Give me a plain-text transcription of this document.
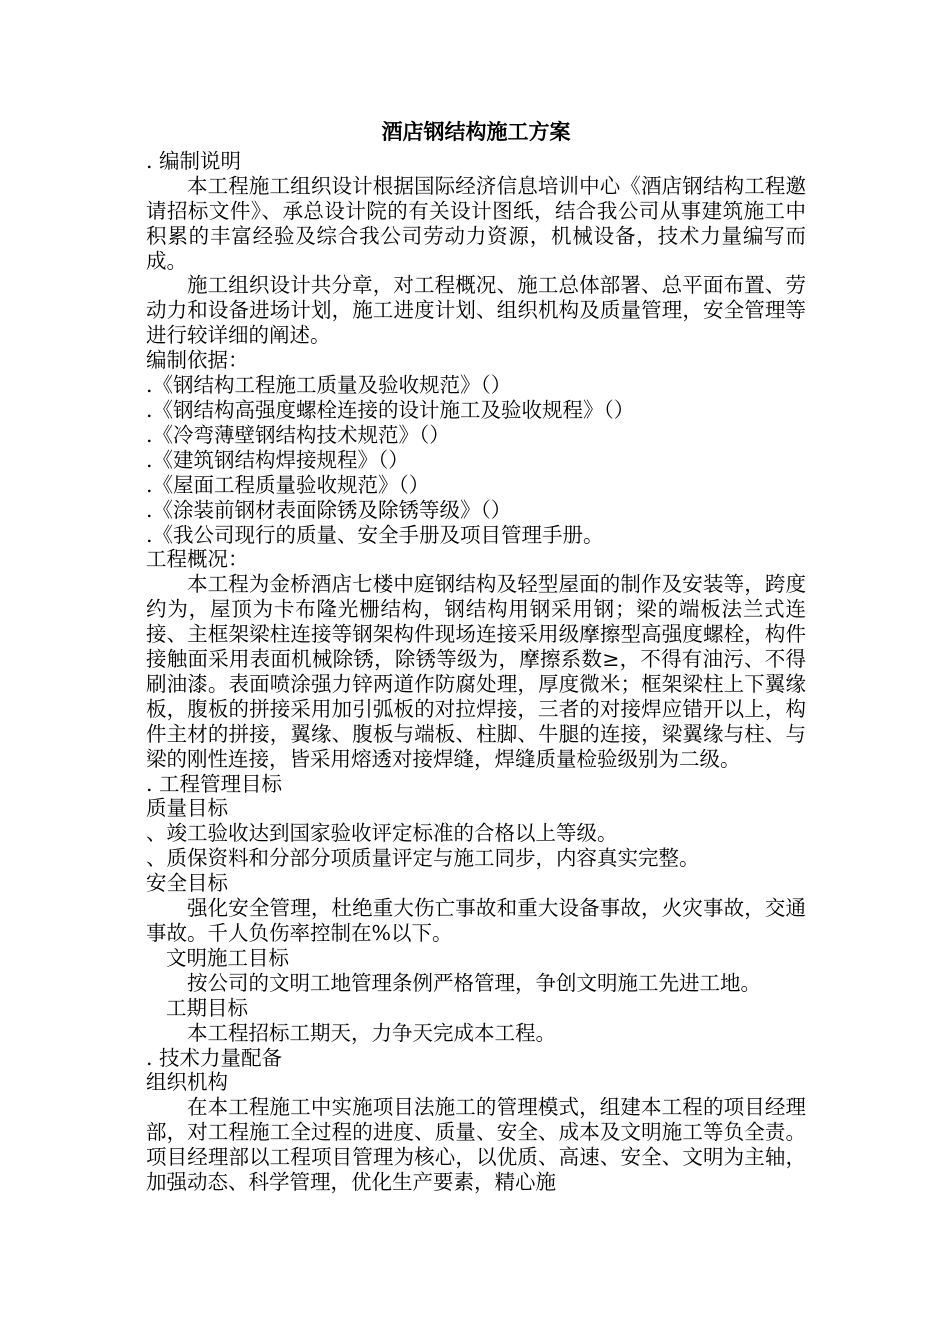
酒店钢结构施工方案
. 编制说明
本工程施工组织设计根据国际经济信息培训中心《酒店钢结构工程邀请招标文件》、承总设计院的有关设计图纸，结合我公司从事建筑施工中积累的丰富经验及综合我公司劳动力资源，机械设备，技术力量编写而成。
施工组织设计共分章，对工程概况、施工总体部署、总平面布置、劳动力和设备进场计划，施工进度计划、组织机构及质量管理，安全管理等进行较详细的阐述。
编制依据：
.《钢结构工程施工质量及验收规范》（）
.《钢结构高强度螺栓连接的设计施工及验收规程》（）
.《冷弯薄壁钢结构技术规范》（）
.《建筑钢结构焊接规程》（）
.《屋面工程质量验收规范》（）
.《涂装前钢材表面除锈及除锈等级》（）
.《我公司现行的质量、安全手册及项目管理手册。
工程概况：
本工程为金桥酒店七楼中庭钢结构及轻型屋面的制作及安装等，跨度约为，屋顶为卡布隆光栅结构，钢结构用钢采用钢；梁的端板法兰式连接、主框架梁柱连接等钢架构件现场连接采用级摩擦型高强度螺栓，构件接触面采用表面机械除锈，除锈等级为，摩擦系数≥，不得有油污、不得刷油漆。表面喷涂强力锌两道作防腐处理，厚度微米；框架梁柱上下翼缘板，腹板的拼接采用加引弧板的对拉焊接，三者的对接焊应错开以上，构件主材的拼接，翼缘、腹板与端板、柱脚、牛腿的连接，梁翼缘与柱、与梁的刚性连接，皆采用熔透对接焊缝，焊缝质量检验级别为二级。
. 工程管理目标
质量目标
、竣工验收达到国家验收评定标准的合格以上等级。
、质保资料和分部分项质量评定与施工同步，内容真实完整。
安全目标
强化安全管理，杜绝重大伤亡事故和重大设备事故，火灾事故，交通事故。千人负伤率控制在%以下。
文明施工目标
按公司的文明工地管理条例严格管理，争创文明施工先进工地。
工期目标
本工程招标工期天，力争天完成本工程。
. 技术力量配备
组织机构
在本工程施工中实施项目法施工的管理模式，组建本工程的项目经理部，对工程施工全过程的进度、质量、安全、成本及文明施工等负全责。项目经理部以工程项目管理为核心，以优质、高速、安全、文明为主轴，加强动态、科学管理，优化生产要素，精心施
